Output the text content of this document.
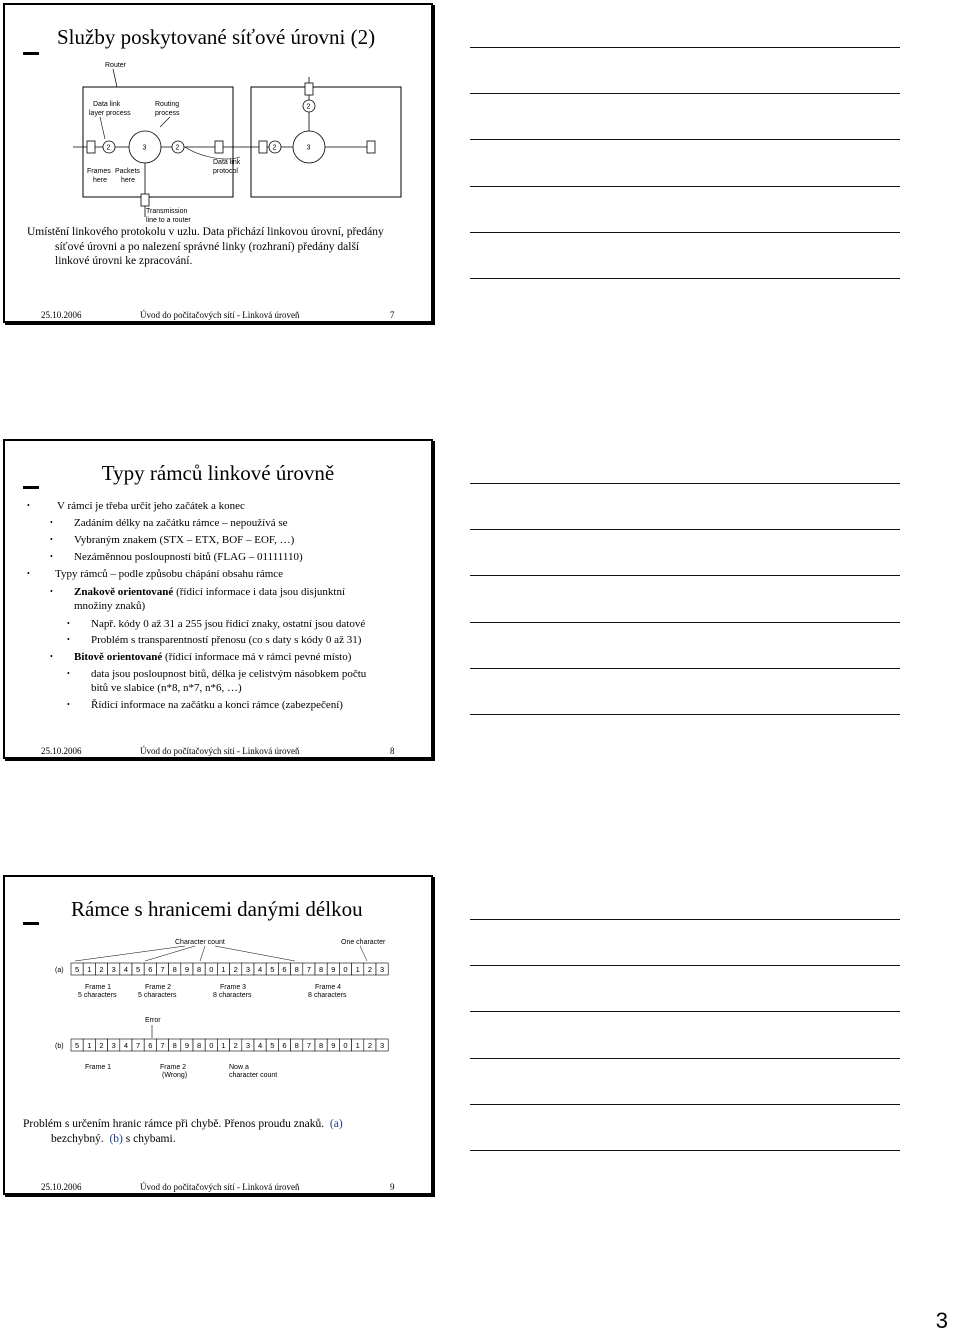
Služby poskytované síťové úrovni (2)
Router
Data link
layer process
Routing
process
2	3	2	2	3
2
Frames
here
Packets
here
Data link
protocol
Transmission
line to a router
Umístění linkového protokolu v uzlu. Data přichází linkovou úrovní, předány
síťové úrovni a po nalezení správné linky (rozhraní) předány další
linkové úrovni ke zpracování.
25.10.2006	Úvod do počítačových sítí - Linková úroveň	7
Typy rámců linkové úrovně
• V rámci je třeba určit jeho začátek a konec
• Zadáním délky na začátku rámce – nepoužívá se
• Vybraným znakem (STX – ETX, BOF – EOF, …)
• Nezáměnnou posloupností bitů (FLAG – 01111110)
• Typy rámců – podle způsobu chápání obsahu rámce
• Znakově orientované (řídicí informace i data jsou disjunktní
množiny znaků)
• Např. kódy 0 až 31 a 255 jsou řídicí znaky, ostatní jsou datové
• Problém s transparentností přenosu (co s daty s kódy 0 až 31)
• Bitově orientované (řídicí informace má v rámci pevné místo)
• data jsou posloupnost bitů, délka je celistvým násobkem počtu
bitů ve slabice (n*8, n*7, n*6, …)
• Řídicí informace na začátku a konci rámce (zabezpečení)
25.10.2006	Úvod do počítačových sítí - Linková úroveň	8
Rámce s hranicemi danými délkou
Character count	One character
(a)
(b)
5 1 2 3 4 5 6 7 8 9 8 0 1 2 3 4 5 6 8 7 8 9 0 1 2 3
5 1 2 3 4 7 6 7 8 9 8 0 1 2 3 4 5 6 8 7 8 9 0 1 2 3
Frame 1
5 characters
Frame 2
5 characters
Frame 3
8 characters
Frame 4
8 characters
Error
Frame 1	Frame 2
(Wrong)
Now a
character count
Problém s určením hranic rámce při chybě. Přenos proudu znaků. (a)
bezchybný. (b) s chybami.
25.10.2006	Úvod do počítačových sítí - Linková úroveň	9
3
